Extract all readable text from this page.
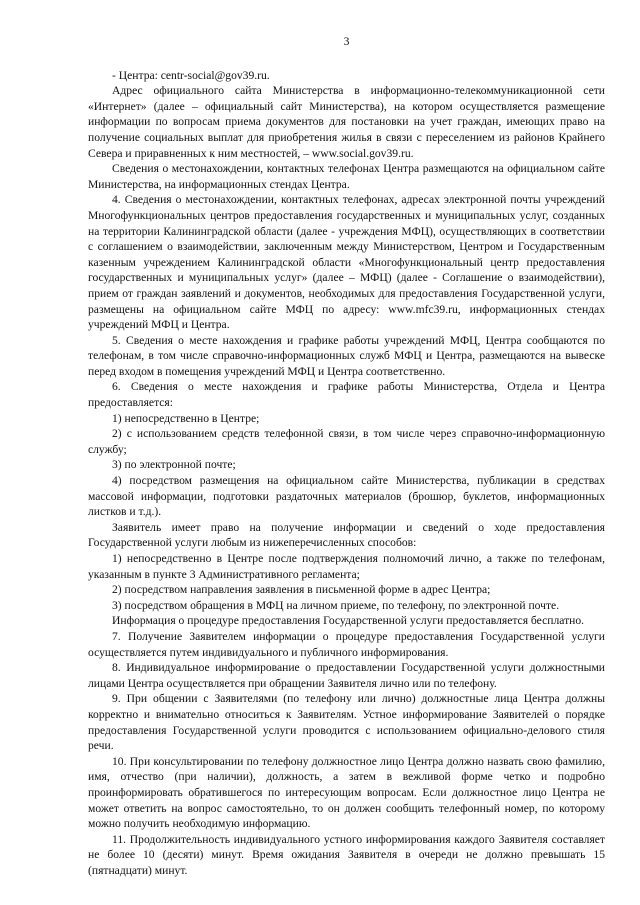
3

- Центра: centr-social@gov39.ru.

Адрес официального сайта Министерства в информационно-телекоммуникационной сети «Интернет» (далее – официальный сайт Министерства), на котором осуществляется размещение информации по вопросам приема документов для постановки на учет граждан, имеющих право на получение социальных выплат для приобретения жилья в связи с переселением из районов Крайнего Севера и приравненных к ним местностей, – www.social.gov39.ru.

Сведения о местонахождении, контактных телефонах Центра размещаются на официальном сайте Министерства, на информационных стендах Центра.

4. Сведения о местонахождении, контактных телефонах, адресах электронной почты учреждений Многофункциональных центров предоставления государственных и муниципальных услуг, созданных на территории Калининградской области (далее - учреждения МФЦ), осуществляющих в соответствии с соглашением о взаимодействии, заключенным между Министерством, Центром и Государственным казенным учреждением Калининградской области «Многофункциональный центр предоставления государственных и муниципальных услуг» (далее – МФЦ) (далее - Соглашение о взаимодействии), прием от граждан заявлений и документов, необходимых для предоставления Государственной услуги, размещены на официальном сайте МФЦ по адресу: www.mfc39.ru, информационных стендах учреждений МФЦ и Центра.

5. Сведения о месте нахождения и графике работы учреждений МФЦ, Центра сообщаются по телефонам, в том числе справочно-информационных служб МФЦ и Центра, размещаются на вывеске перед входом в помещения учреждений МФЦ и Центра соответственно.

6. Сведения о месте нахождения и графике работы Министерства, Отдела и Центра предоставляется:

1) непосредственно в Центре;

2) с использованием средств телефонной связи, в том числе через справочно-информационную службу;

3) по электронной почте;

4) посредством размещения на официальном сайте Министерства, публикации в средствах массовой информации, подготовки раздаточных материалов (брошюр, буклетов, информационных листков и т.д.).

Заявитель имеет право на получение информации и сведений о ходе предоставления Государственной услуги любым из нижеперечисленных способов:

1) непосредственно в Центре после подтверждения полномочий лично, а также по телефонам, указанным в пункте 3 Административного регламента;

2) посредством направления заявления в письменной форме в адрес Центра;

3) посредством обращения в МФЦ на личном приеме, по телефону, по электронной почте.

Информация о процедуре предоставления Государственной услуги предоставляется бесплатно.

7. Получение Заявителем информации о процедуре предоставления Государственной услуги осуществляется путем индивидуального и публичного информирования.

8. Индивидуальное информирование о предоставлении Государственной услуги должностными лицами Центра осуществляется при обращении Заявителя лично или по телефону.

9. При общении с Заявителями (по телефону или лично) должностные лица Центра должны корректно и внимательно относиться к Заявителям. Устное информирование Заявителей о порядке предоставления Государственной услуги проводится с использованием официально-делового стиля речи.

10. При консультировании по телефону должностное лицо Центра должно назвать свою фамилию, имя, отчество (при наличии), должность, а затем в вежливой форме четко и подробно проинформировать обратившегося по интересующим вопросам. Если должностное лицо Центра не может ответить на вопрос самостоятельно, то он должен сообщить телефонный номер, по которому можно получить необходимую информацию.

11. Продолжительность индивидуального устного информирования каждого Заявителя составляет не более 10 (десяти) минут. Время ожидания Заявителя в очереди не должно превышать 15 (пятнадцати) минут.
